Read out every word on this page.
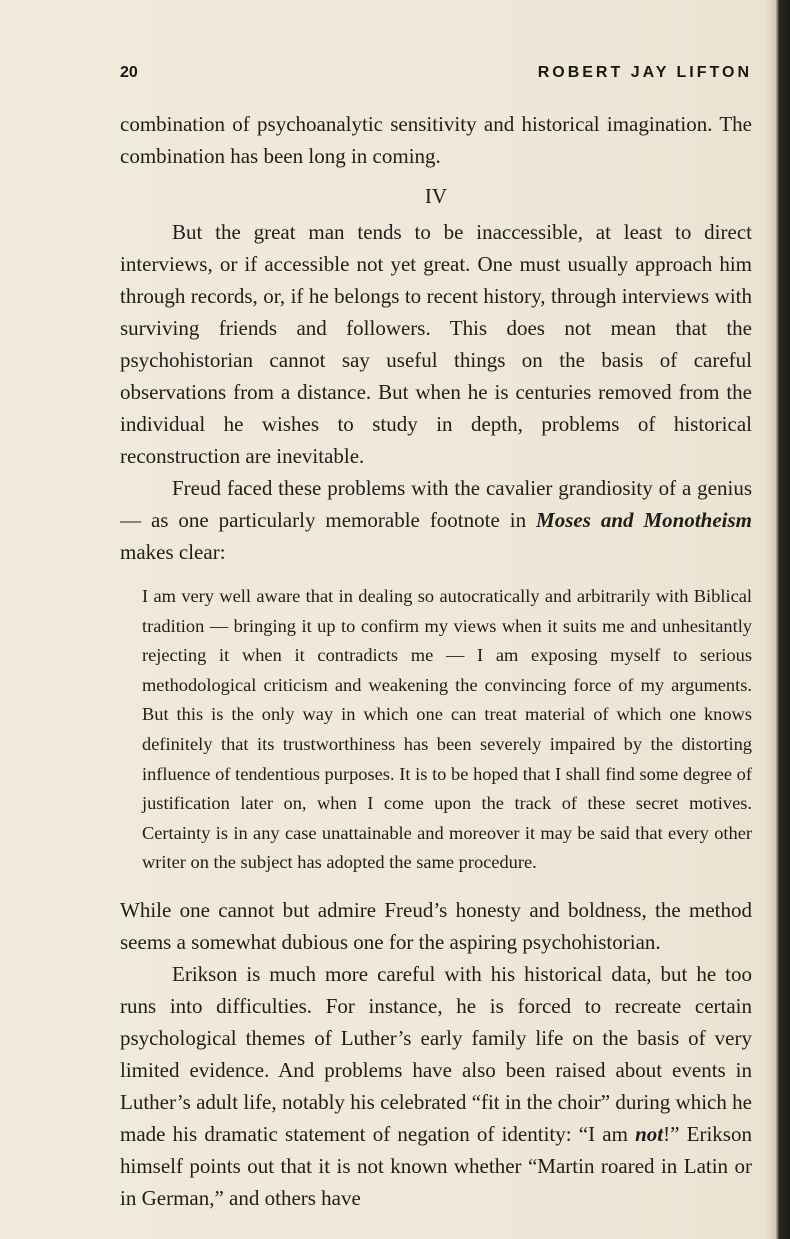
20	ROBERT JAY LIFTON

combination of psychoanalytic sensitivity and historical imagination. The combination has been long in coming.

IV

But the great man tends to be inaccessible, at least to direct interviews, or if accessible not yet great. One must usually approach him through records, or, if he belongs to recent history, through interviews with surviving friends and followers. This does not mean that the psychohistorian cannot say useful things on the basis of careful observations from a distance. But when he is centuries removed from the individual he wishes to study in depth, problems of historical reconstruction are inevitable.

Freud faced these problems with the cavalier grandiosity of a genius — as one particularly memorable footnote in Moses and Monotheism makes clear:

I am very well aware that in dealing so autocratically and arbitrarily with Biblical tradition — bringing it up to confirm my views when it suits me and unhesitantly rejecting it when it contradicts me — I am exposing myself to serious methodological criticism and weakening the convincing force of my arguments. But this is the only way in which one can treat material of which one knows definitely that its trustworthiness has been severely impaired by the distorting influence of tendentious purposes. It is to be hoped that I shall find some degree of justification later on, when I come upon the track of these secret motives. Certainty is in any case unattainable and moreover it may be said that every other writer on the subject has adopted the same procedure.

While one cannot but admire Freud’s honesty and boldness, the method seems a somewhat dubious one for the aspiring psychohistorian.

Erikson is much more careful with his historical data, but he too runs into difficulties. For instance, he is forced to recreate certain psychological themes of Luther’s early family life on the basis of very limited evidence. And problems have also been raised about events in Luther’s adult life, notably his celebrated “fit in the choir” during which he made his dramatic statement of negation of identity: “I am not!” Erikson himself points out that it is not known whether “Martin roared in Latin or in German,” and others have
